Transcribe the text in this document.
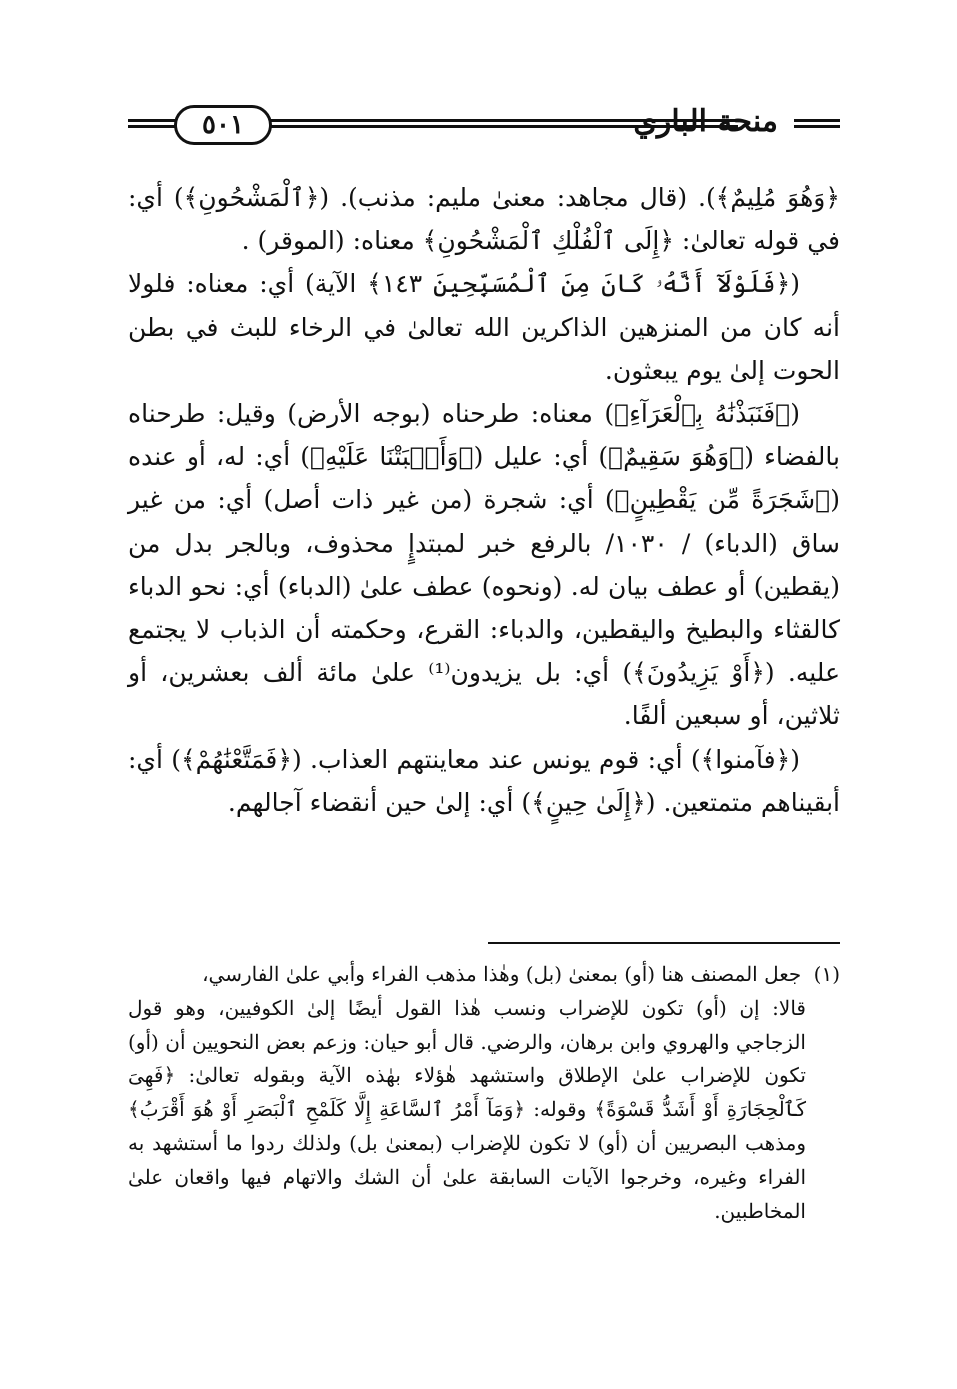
٥٠١	منحة الباري

﴿وَهُوَ مُلِيمٌ﴾). (قال مجاهد: معنىٰ مليم: مذنب). (﴿ٱلْمَشْحُونِ﴾) أي: في قوله تعالىٰ: ﴿إِلَى ٱلْفُلْكِ ٱلْمَشْحُونِ﴾ معناه: (الموقر) .

(﴿فَلَوْلَآ أَنَّهُۥ كَانَ مِنَ ٱلْمُسَبِّحِينَ ١٤٣﴾ الآية) أي: معناه: فلولا أنه كان من المنزهين الذاكرين الله تعالىٰ في الرخاء للبث في بطن الحوت إلىٰ يوم يبعثون.

(﴿فَنَبَذْنَٰهُ بِٱلْعَرَآءِ﴾) معناه: طرحناه (بوجه الأرض) وقيل: طرحناه بالفضاء (﴿وَهُوَ سَقِيمٌ﴾) أي: عليل (﴿وَأَنۢبَتْنَا عَلَيْهِ﴾) أي: له، أو عنده (﴿شَجَرَةً مِّن يَقْطِينٍ﴾) أي: شجرة (من غير ذات أصل) أي: من غير ساق (الدباء) / ١٠٣٠/ بالرفع خبر لمبتدإٍ محذوف، وبالجر بدل من (يقطين) أو عطف بيان له. (ونحوه) عطف علىٰ (الدباء) أي: نحو الدباء كالقثاء والبطيخ واليقطين، والدباء: القرع، وحكمته أن الذباب لا يجتمع عليه. (﴿أَوْ يَزِيدُونَ﴾) أي: بل يزيدون⁽¹⁾ علىٰ مائة ألف بعشرين، أو ثلاثين، أو سبعين ألفًا.

(﴿فآمنوا﴾) أي: قوم يونس عند معاينتهم العذاب. (﴿فَمَتَّعْنَٰهُمْ﴾) أي: أبقيناهم متمتعين. (﴿إِلَىٰ حِينٍ﴾) أي: إلىٰ حين أنقضاء آجالهم.

(١) جعل المصنف هنا (أو) بمعنىٰ (بل) وهٰذا مذهب الفراء وأبي علىٰ الفارسي،

قالا: إن (أو) تكون للإضراب ونسب هٰذا القول أيضًا إلىٰ الكوفيين، وهو قول الزجاجي والهروي وابن برهان، والرضي. قال أبو حيان: وزعم بعض النحويين أن (أو) تكون للإضراب علىٰ الإطلاق واستشهد هٰؤلاء بهٰذه الآية وبقوله تعالىٰ: ﴿فَهِىَ كَٱلْحِجَارَةِ أَوْ أَشَدُّ قَسْوَةً﴾ وقوله: ﴿وَمَآ أَمْرُ ٱلسَّاعَةِ إِلَّا كَلَمْحِ ٱلْبَصَرِ أَوْ هُوَ أَقْرَبُ﴾ ومذهب البصريين أن (أو) لا تكون للإضراب (بمعنىٰ بل) ولذلك ردوا ما أستشهد به الفراء وغيره، وخرجوا الآيات السابقة علىٰ أن الشك والاتهام فيها واقعان علىٰ المخاطبين.
